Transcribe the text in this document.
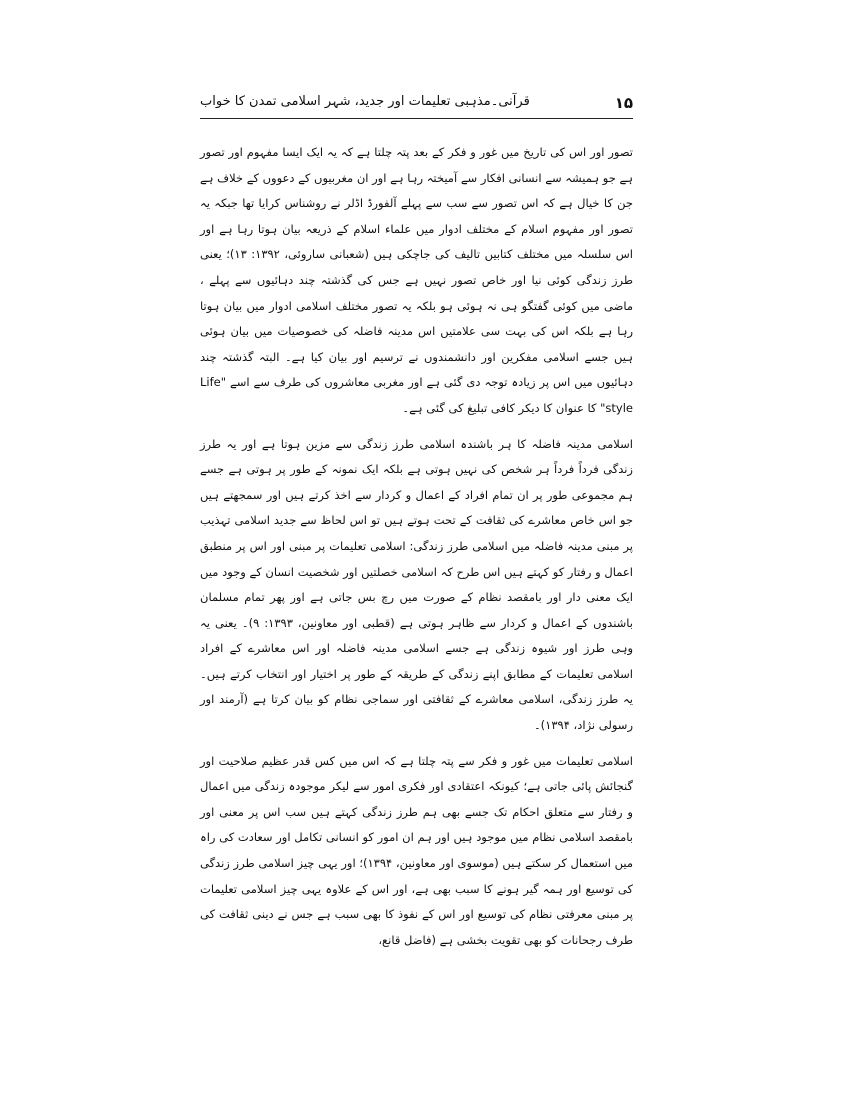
۱۵
قرآنی۔مذہبی تعلیمات اور جدید، شہر اسلامی تمدن کا خواب

تصور اور اس کی تاریخ میں غور و فکر کے بعد پتہ چلتا ہے کہ یہ ایک ایسا مفہوم اور تصور ہے جو ہمیشہ سے انسانی افکار سے آمیختہ رہا ہے اور ان مغربیوں کے دعووں کے خلاف ہے جن کا خیال ہے کہ اس تصور سے سب سے پہلے آلفورڈ اڈلر نے روشناس کرایا تھا جبکہ یہ تصور اور مفہوم اسلام کے مختلف ادوار میں علماء اسلام کے ذریعہ بیان ہوتا رہا ہے اور اس سلسلہ میں مختلف کتابیں تالیف کی جاچکی ہیں (شعبانی ساروئی، ۱۳۹۲: ۱۳)؛ یعنی طرز زندگی کوئی نیا اور خاص تصور نہیں ہے جس کی گذشتہ چند دہائیوں سے پہلے ، ماضی میں کوئی گفتگو ہی نہ ہوئی ہو بلکہ یہ تصور مختلف اسلامی ادوار میں بیان ہوتا رہا ہے بلکہ اس کی بہت سی علامتیں اس مدینہ فاضلہ کی خصوصیات میں بیان ہوئی ہیں جسے اسلامی مفکرین اور دانشمندوں نے ترسیم اور بیان کیا ہے۔ البتہ گذشتہ چند دہائیوں میں اس پر زیادہ توجہ دی گئی ہے اور مغربی معاشروں کی طرف سے اسے "Life style" کا عنوان کا دیکر کافی تبلیغ کی گئی ہے۔

اسلامی مدینہ فاضلہ کا ہر باشندہ اسلامی طرز زندگی سے مزین ہوتا ہے اور یہ طرز زندگی فرداً فرداً ہر شخص کی نہیں ہوتی ہے بلکہ ایک نمونہ کے طور پر ہوتی ہے جسے ہم مجموعی طور پر ان تمام افراد کے اعمال و کردار سے اخذ کرتے ہیں اور سمجھتے ہیں جو اس خاص معاشرے کی ثقافت کے تحت ہوتے ہیں تو اس لحاظ سے جدید اسلامی تہذیب پر مبنی مدینہ فاضلہ میں اسلامی طرز زندگی: اسلامی تعلیمات پر مبنی اور اس پر منطبق اعمال و رفتار کو کہتے ہیں اس طرح کہ اسلامی خصلتیں اور شخصیت انسان کے وجود میں ایک معنی دار اور بامقصد نظام کے صورت میں رچ بس جاتی ہے اور پھر تمام مسلمان باشندوں کے اعمال و کردار سے ظاہر ہوتی ہے (قطبی اور معاونین، ۱۳۹۳: ۹)۔ یعنی یہ وہی طرز اور شیوہ زندگی ہے جسے اسلامی مدینہ فاضلہ اور اس معاشرے کے افراد اسلامی تعلیمات کے مطابق اپنے زندگی کے طریقہ کے طور پر اختیار اور انتخاب کرتے ہیں۔ یہ طرز زندگی، اسلامی معاشرے کے ثقافتی اور سماجی نظام کو بیان کرتا ہے (آرمند اور رسولی نژاد، ۱۳۹۴)۔

اسلامی تعلیمات میں غور و فکر سے پتہ چلتا ہے کہ اس میں کس قدر عظیم صلاحیت اور گنجائش پائی جاتی ہے؛ کیونکہ اعتقادی اور فکری امور سے لیکر موجودہ زندگی میں اعمال و رفتار سے متعلق احکام تک جسے بھی ہم طرز زندگی کہتے ہیں سب اس پر معنی اور بامقصد اسلامی نظام میں موجود ہیں اور ہم ان امور کو انسانی تکامل اور سعادت کی راہ میں استعمال کر سکتے ہیں (موسوی اور معاونین، ۱۳۹۴)؛ اور یہی چیز اسلامی طرز زندگی کی توسیع اور ہمہ گیر ہونے کا سبب بھی ہے، اور اس کے علاوہ یہی چیز اسلامی تعلیمات پر مبنی معرفتی نظام کی توسیع اور اس کے نفوذ کا بھی سبب ہے جس نے دینی ثقافت کی طرف رجحانات کو بھی تقویت بخشی ہے (فاضل قانع،
